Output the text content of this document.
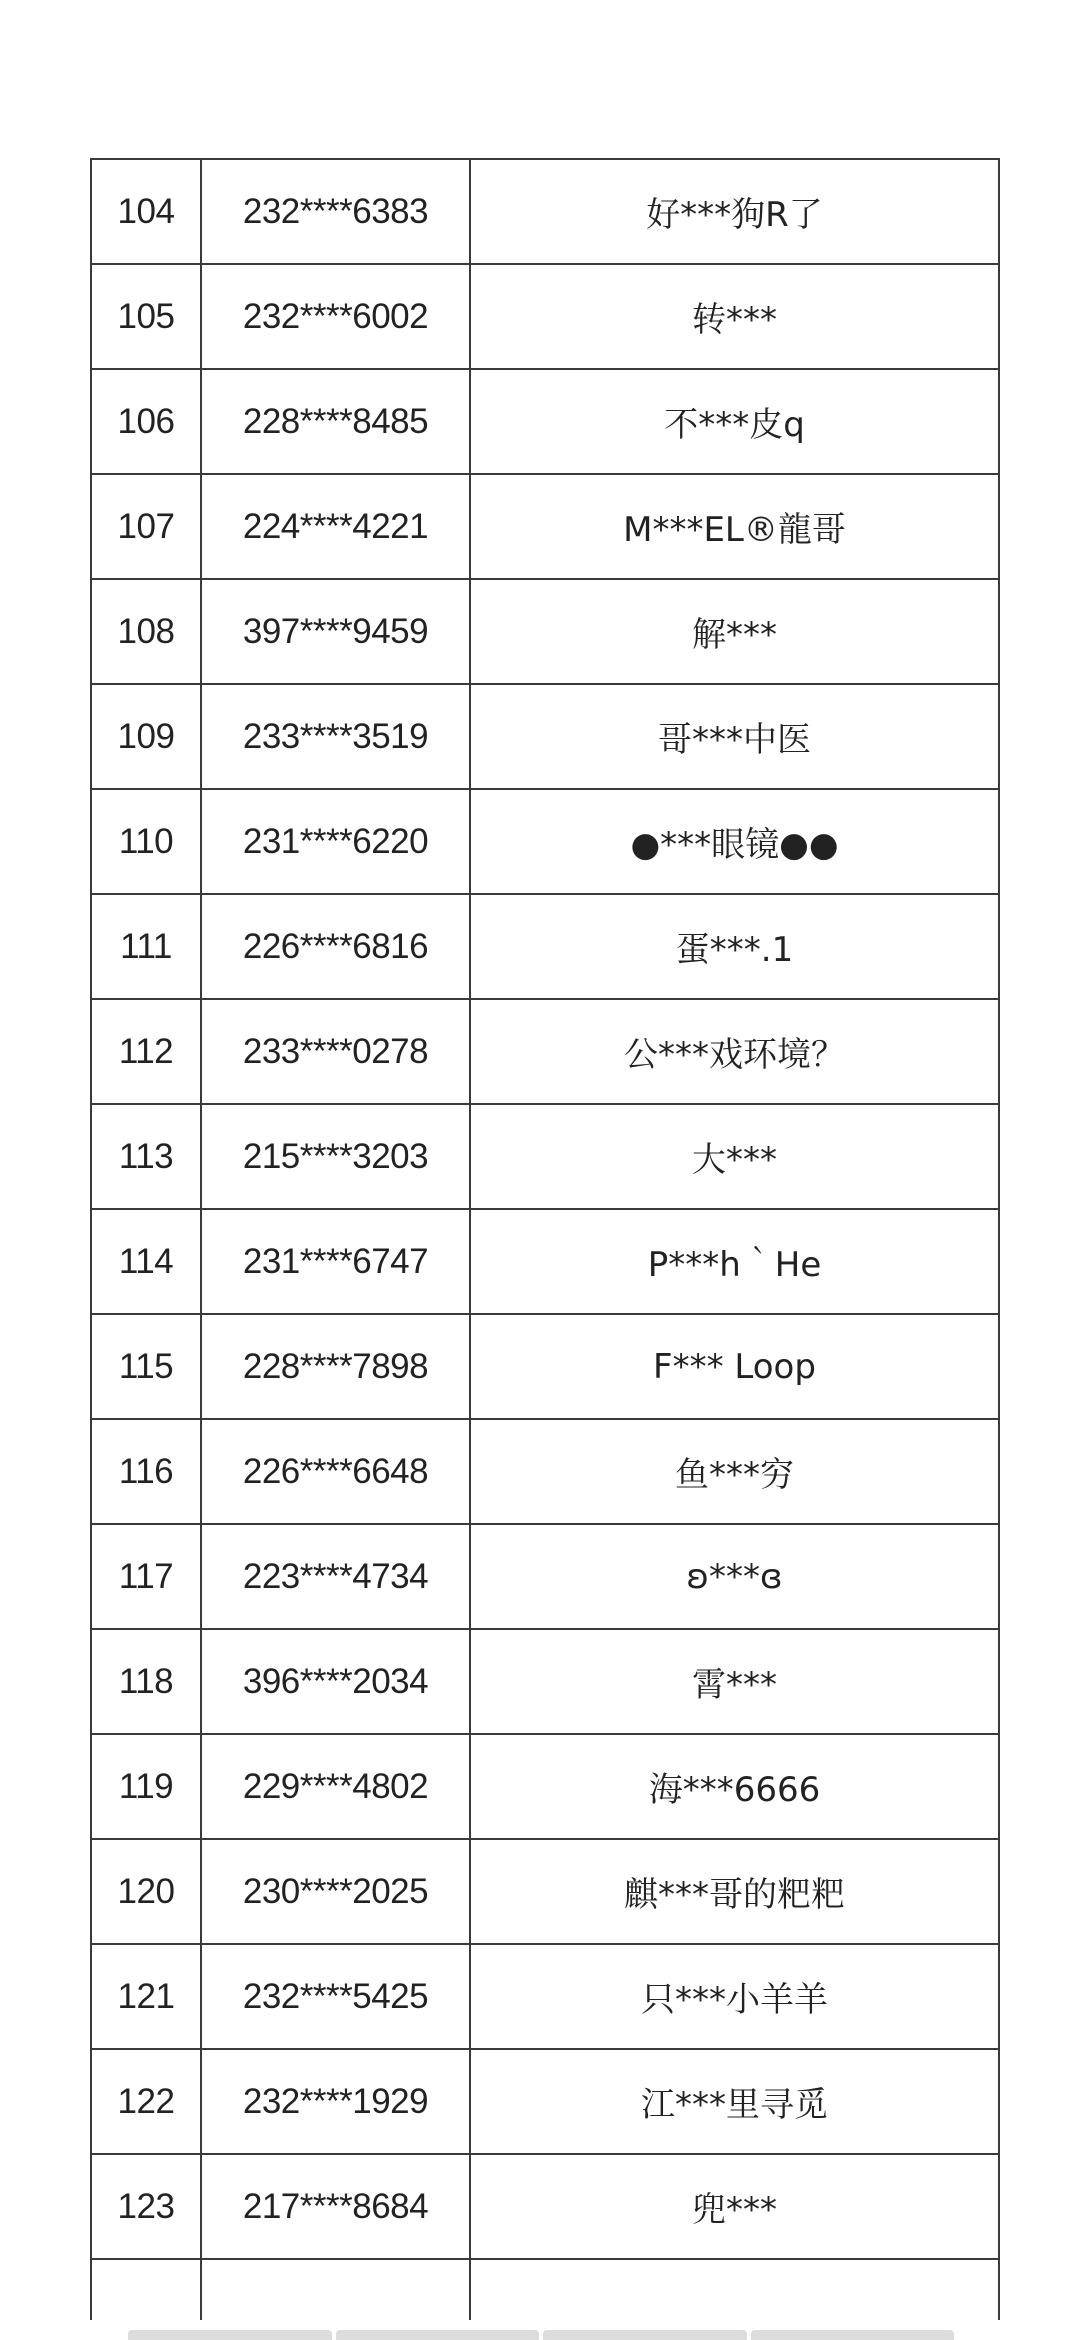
104	232****6383	好***狗R了
105	232****6002	转***
106	228****8485	不***皮q
107	224****4221	M***EL®龍哥
108	397****9459	解***
109	233****3519	哥***中医
110	231****6220	●***眼镜●●
111	226****6816	蛋***.1
112	233****0278	公***戏环境？
113	215****3203	大***
114	231****6747	P***h｀He
115	228****7898	F*** Loop
116	226****6648	鱼***穷
117	223****4734	ʚ***ɞ
118	396****2034	霄***
119	229****4802	海***6666
120	230****2025	麒***哥的粑粑
121	232****5425	只***小羊羊
122	232****1929	江***里寻觅
123	217****8684	兜***
